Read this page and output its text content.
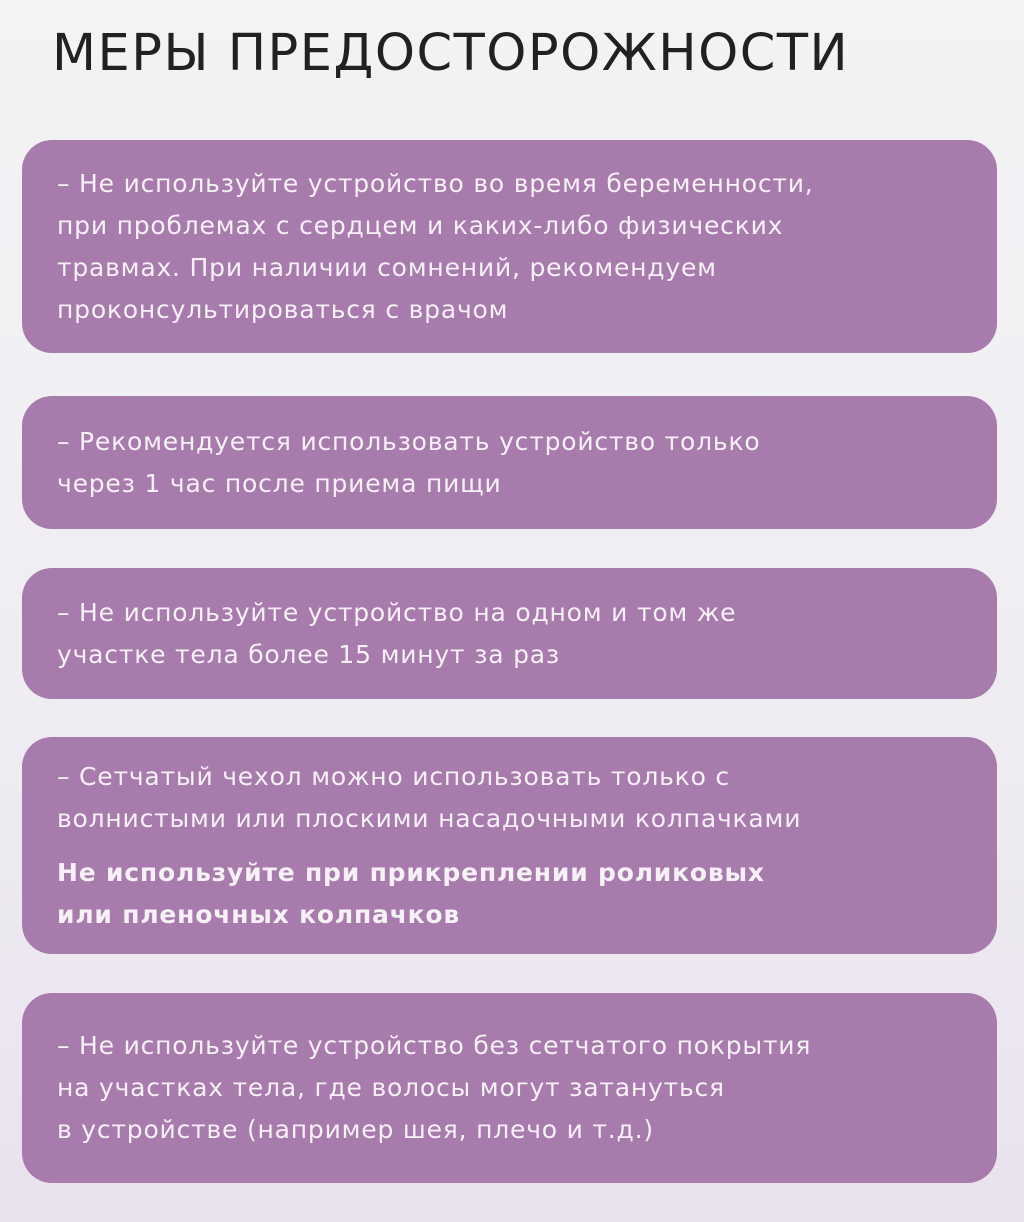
МЕРЫ ПРЕДОСТОРОЖНОСТИ

– Не используйте устройство во время беременности,
при проблемах с сердцем и каких-либо физических
травмах. При наличии сомнений, рекомендуем
проконсультироваться с врачом

– Рекомендуется использовать устройство только
через 1 час после приема пищи

– Не используйте устройство на одном и том же
участке тела более 15 минут за раз

– Сетчатый чехол можно использовать только с
волнистыми или плоскими насадочными колпачками

Не используйте при прикреплении роликовых
или пленочных колпачков

– Не используйте устройство без сетчатого покрытия
на участках тела, где волосы могут затануться
в устройстве (например шея, плечо и т.д.)
